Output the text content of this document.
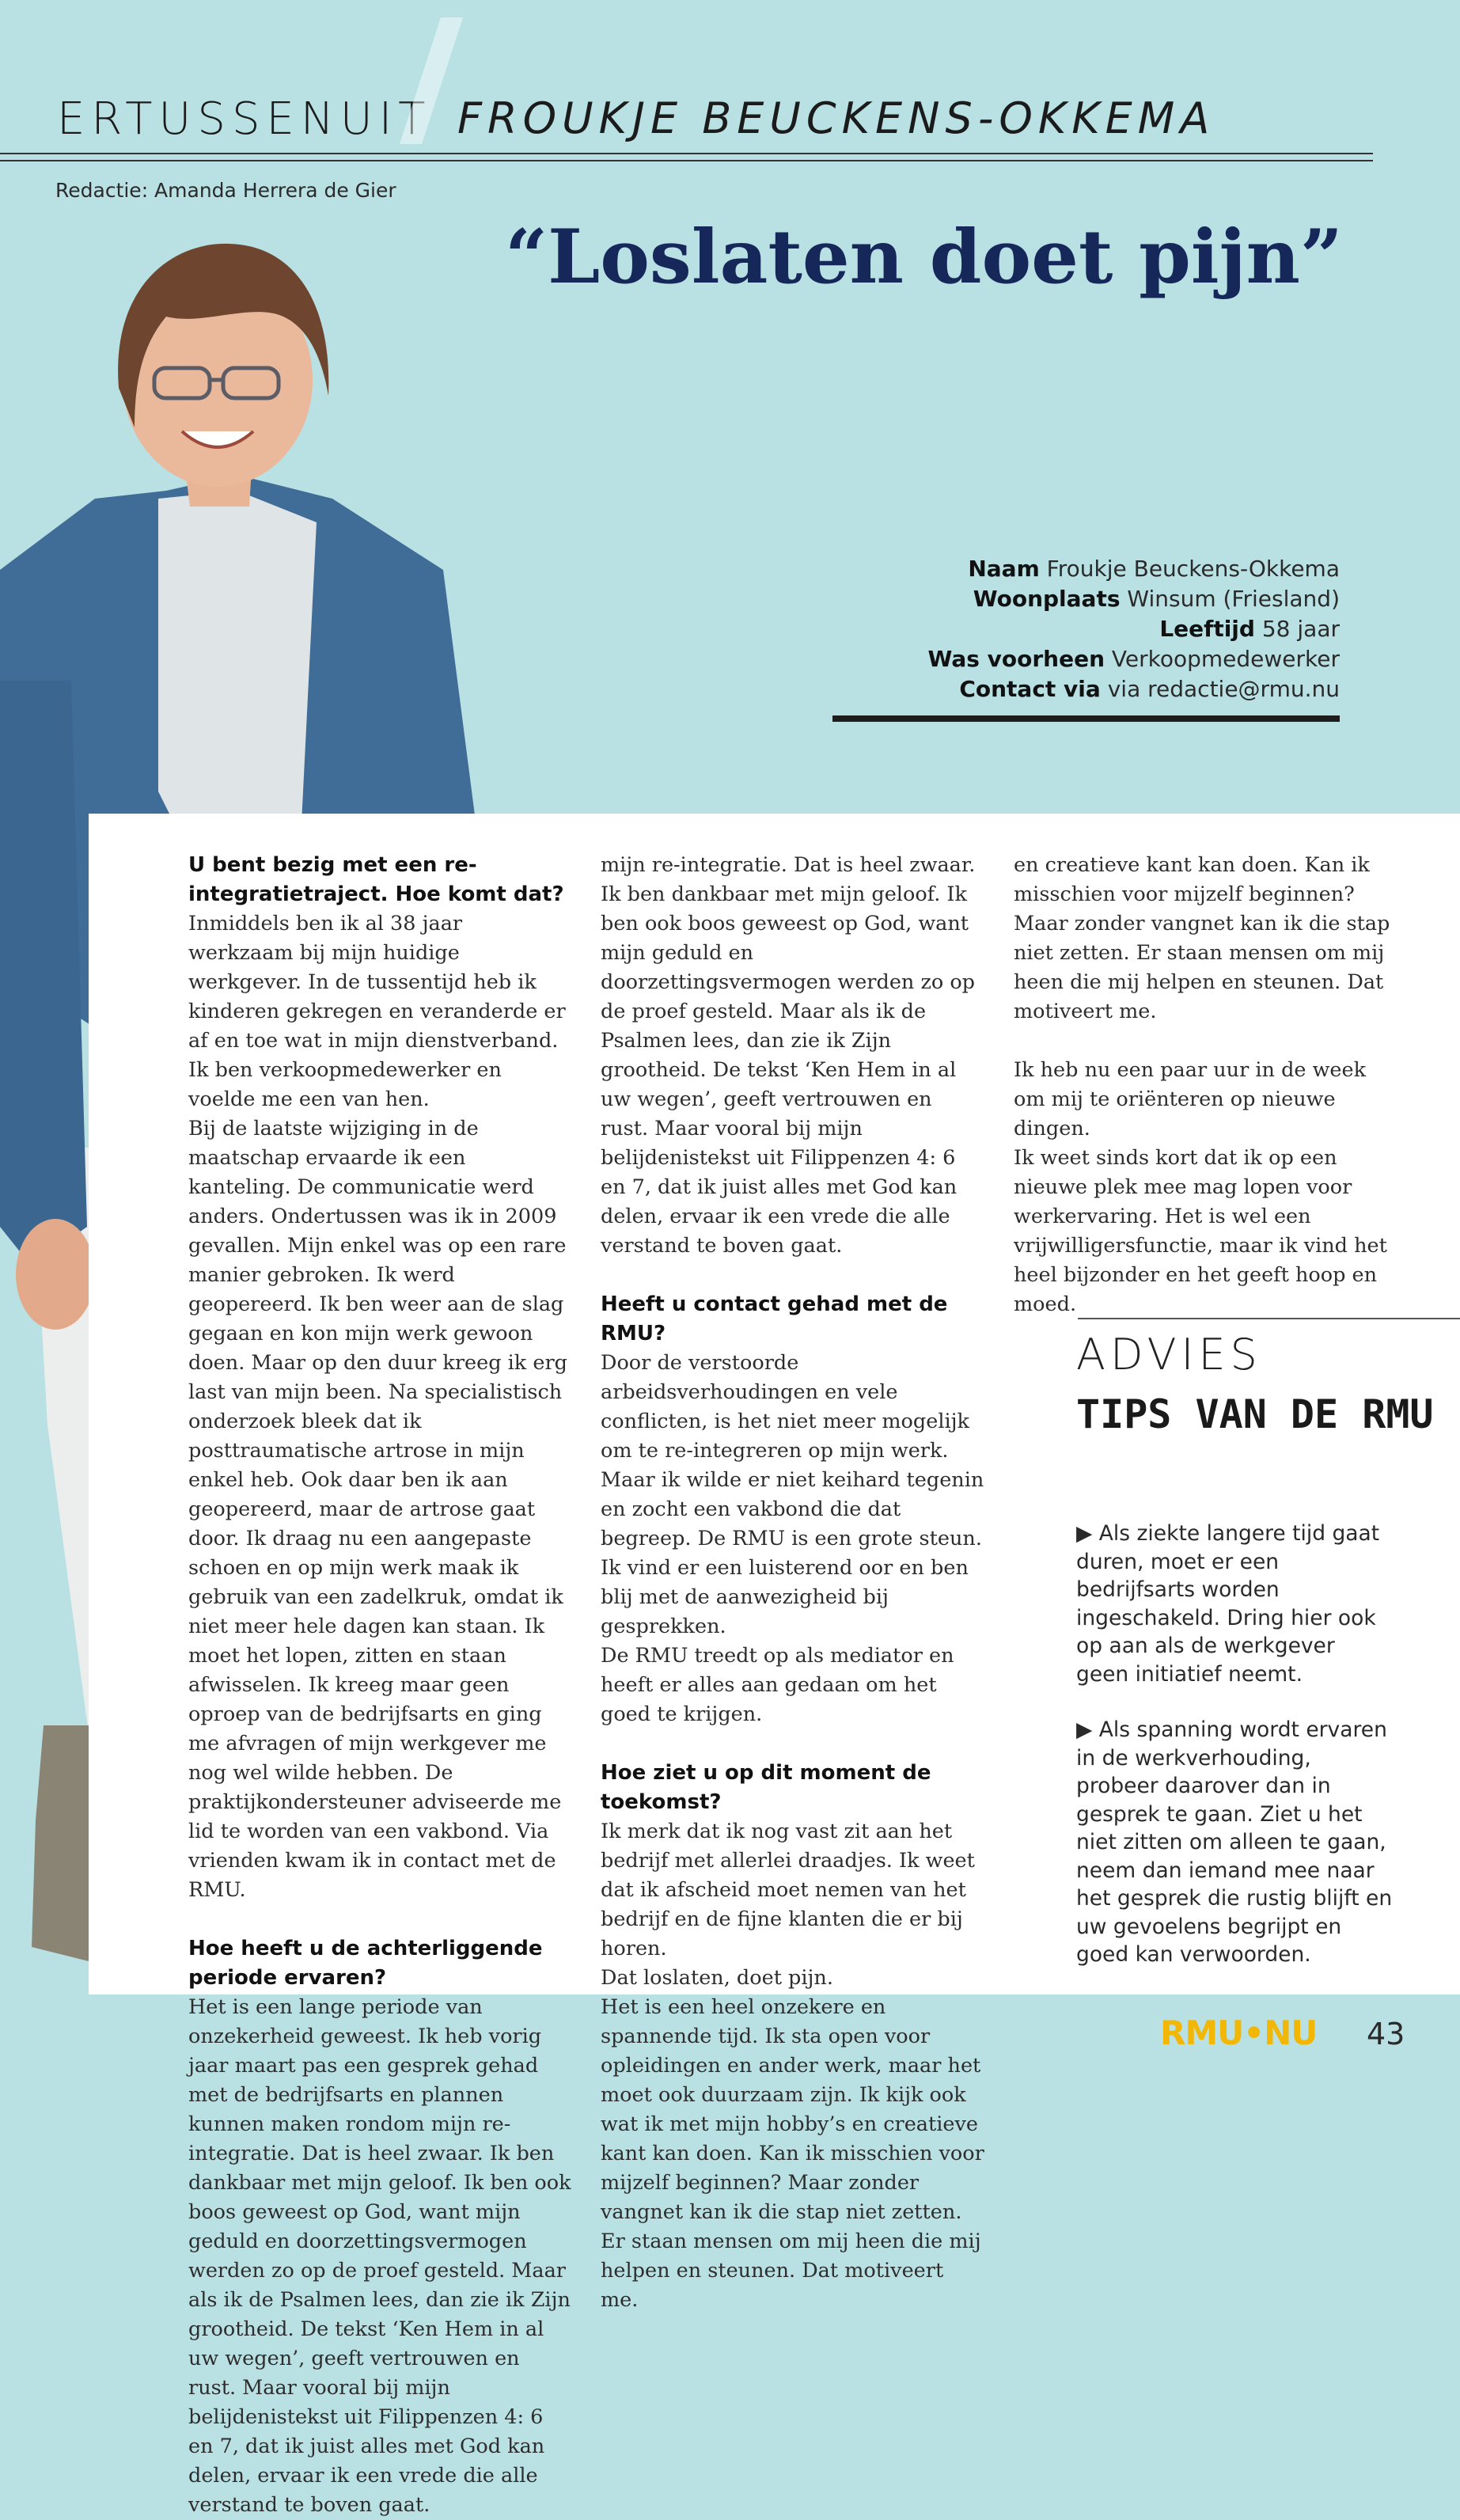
ERTUSSENUIT FROUKJE BEUCKENS-OKKEMA
Redactie: Amanda Herrera de Gier
“Loslaten doet pijn”
Naam Froukje Beuckens-Okkema
Woonplaats Winsum (Friesland)
Leeftijd 58 jaar
Was voorheen Verkoopmedewerker
Contact via via redactie@rmu.nu

U bent bezig met een re-integratietraject. Hoe komt dat?

Inmiddels ben ik al 38 jaar werkzaam bij mijn huidige werkgever. In de tussentijd heb ik kinderen gekregen en veranderde er af en toe wat in mijn dienstverband. Ik ben verkoopmedewerker en voelde me een van hen.

Bij de laatste wijziging in de maatschap ervaarde ik een kanteling. De communicatie werd anders. Ondertussen was ik in 2009 gevallen. Mijn enkel was op een rare manier gebroken. Ik werd geopereerd. Ik ben weer aan de slag gegaan en kon mijn werk gewoon doen. Maar op den duur kreeg ik erg last van mijn been. Na specialistisch onderzoek bleek dat ik posttraumatische artrose in mijn enkel heb. Ook daar ben ik aan geopereerd, maar de artrose gaat door. Ik draag nu een aangepaste schoen en op mijn werk maak ik gebruik van een zadelkruk, omdat ik niet meer hele dagen kan staan. Ik moet het lopen, zitten en staan afwisselen. Ik kreeg maar geen oproep van de bedrijfsarts en ging me afvragen of mijn werkgever me nog wel wilde hebben. De praktijkondersteuner adviseerde me lid te worden van een vakbond. Via vrienden kwam ik in contact met de RMU.

Hoe heeft u de achterliggende periode ervaren?

Het is een lange periode van onzekerheid geweest. Ik heb vorig jaar maart pas een gesprek gehad met de bedrijfsarts en plannen kunnen maken rondom mijn re-integratie. Dat is heel zwaar. Ik ben dankbaar met mijn geloof. Ik ben ook boos geweest op God, want mijn geduld en doorzettingsvermogen werden zo op de proef gesteld. Maar als ik de Psalmen lees, dan zie ik Zijn grootheid. De tekst ‘Ken Hem in al uw wegen’, geeft vertrouwen en rust. Maar vooral bij mijn belijdenistekst uit Filippenzen 4: 6 en 7, dat ik juist alles met God kan delen, ervaar ik een vrede die alle verstand te boven gaat.

mijn re-integratie. Dat is heel zwaar. Ik ben dankbaar met mijn geloof. Ik ben ook boos geweest op God, want mijn geduld en doorzettingsvermogen werden zo op de proef gesteld. Maar als ik de Psalmen lees, dan zie ik Zijn grootheid. De tekst ‘Ken Hem in al uw wegen’, geeft vertrouwen en rust. Maar vooral bij mijn belijdenistekst uit Filippenzen 4: 6 en 7, dat ik juist alles met God kan delen, ervaar ik een vrede die alle verstand te boven gaat.

Heeft u contact gehad met de RMU?

Door de verstoorde arbeidsverhoudingen en vele conflicten, is het niet meer mogelijk om te re-integreren op mijn werk. Maar ik wilde er niet keihard tegenin en zocht een vakbond die dat begreep. De RMU is een grote steun. Ik vind er een luisterend oor en ben blij met de aanwezigheid bij gesprekken.

De RMU treedt op als mediator en heeft er alles aan gedaan om het goed te krijgen.

Hoe ziet u op dit moment de toekomst?

Ik merk dat ik nog vast zit aan het bedrijf met allerlei draadjes. Ik weet dat ik afscheid moet nemen van het bedrijf en de fijne klanten die er bij horen.

Dat loslaten, doet pijn.

Het is een heel onzekere en spannende tijd. Ik sta open voor opleidingen en ander werk, maar het moet ook duurzaam zijn. Ik kijk ook wat ik met mijn hobby’s en creatieve kant kan doen. Kan ik misschien voor mijzelf beginnen? Maar zonder vangnet kan ik die stap niet zetten. Er staan mensen om mij heen die mij helpen en steunen. Dat motiveert me.

en creatieve kant kan doen. Kan ik misschien voor mijzelf beginnen? Maar zonder vangnet kan ik die stap niet zetten. Er staan mensen om mij heen die mij helpen en steunen. Dat motiveert me.

Ik heb nu een paar uur in de week om mij te oriënteren op nieuwe dingen.

Ik weet sinds kort dat ik op een nieuwe plek mee mag lopen voor werkervaring. Het is wel een vrijwilligersfunctie, maar ik vind het heel bijzonder en het geeft hoop en moed.

ADVIES
TIPS VAN DE RMU

▶ Als ziekte langere tijd gaat duren, moet er een bedrijfsarts worden ingeschakeld. Dring hier ook op aan als de werkgever geen initiatief neemt.

▶ Als spanning wordt ervaren in de werkverhouding, probeer daarover dan in gesprek te gaan. Ziet u het niet zitten om alleen te gaan, neem dan iemand mee naar het gesprek die rustig blijft en uw gevoelens begrijpt en goed kan verwoorden.

RMU•NU 43
